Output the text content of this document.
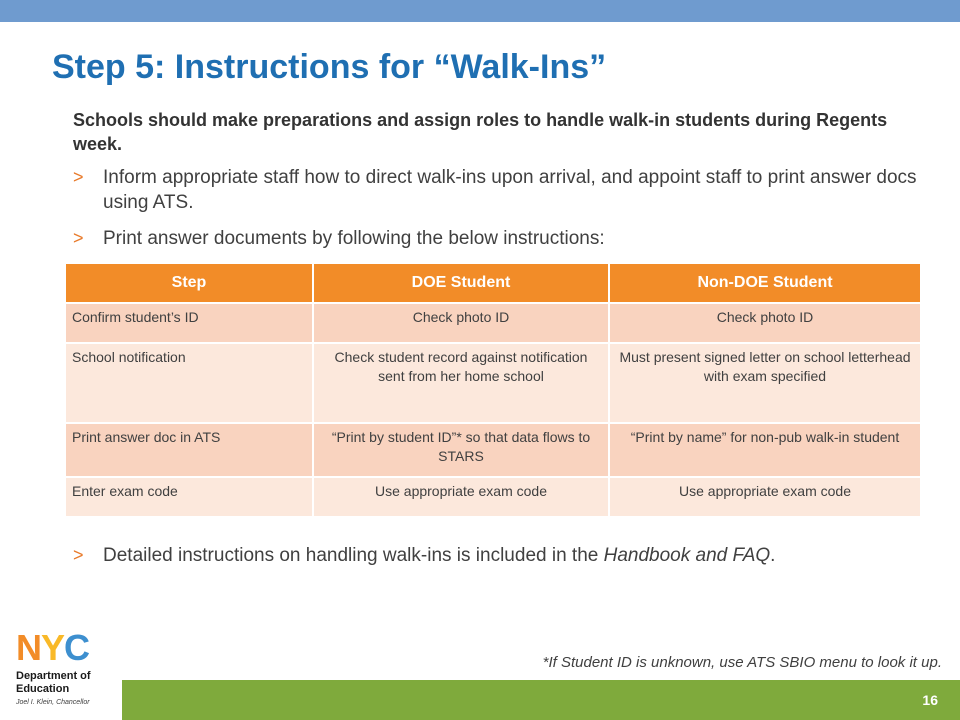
Step 5: Instructions for “Walk-Ins”
Schools should make preparations and assign roles to handle walk-in students during Regents week.
> Inform appropriate staff how to direct walk-ins upon arrival, and appoint staff to print answer docs using ATS.
> Print answer documents by following the below instructions:
Step	DOE Student	Non-DOE Student
Confirm student’s ID	Check photo ID	Check photo ID
School notification	Check student record against notification sent from her home school	Must present signed letter on school letterhead with exam specified
Print answer doc in ATS	“Print by student ID”* so that data flows to STARS	“Print by name” for non-pub walk-in student
Enter exam code	Use appropriate exam code	Use appropriate exam code
> Detailed instructions on handling walk-ins is included in the Handbook and FAQ.
*If Student ID is unknown, use ATS SBIO menu to look it up.
NYC
Department of
Education
Joel I. Klein, Chancellor	16
